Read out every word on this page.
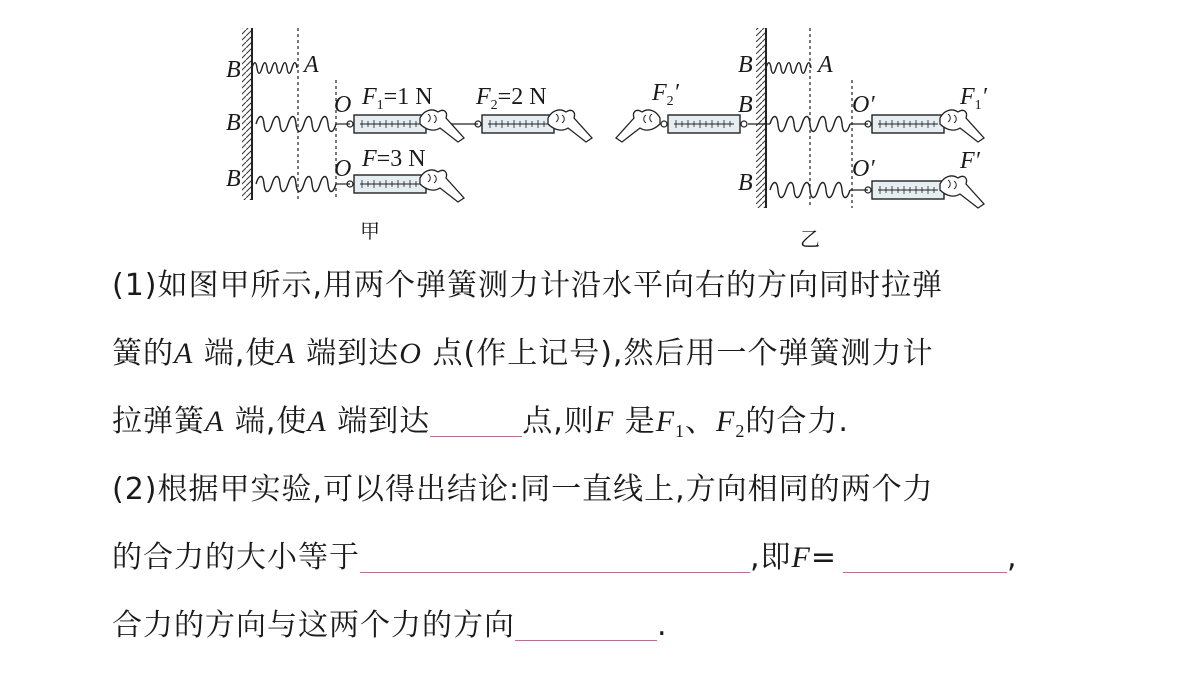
B	A
B
O
B	O
$F_1=1$ N $F_2=2$ N
F=3 N
甲
B	A
B	O′
B
O′
$F_2'$	$F_1'$
F′
乙
(1)如图甲所示,用两个弹簧测力计沿水平向右的方向同时拉弹
簧的A 端,使A 端到达O 点(作上记号),然后用一个弹簧测力计
拉弹簧A 端,使A 端到达	点,则F 是$F_1$、$F_2$的合力.
(2)根据甲实验,可以得出结论:同一直线上,方向相同的两个力
的合力的大小等于	,即F=	,
合力的方向与这两个力的方向	.
